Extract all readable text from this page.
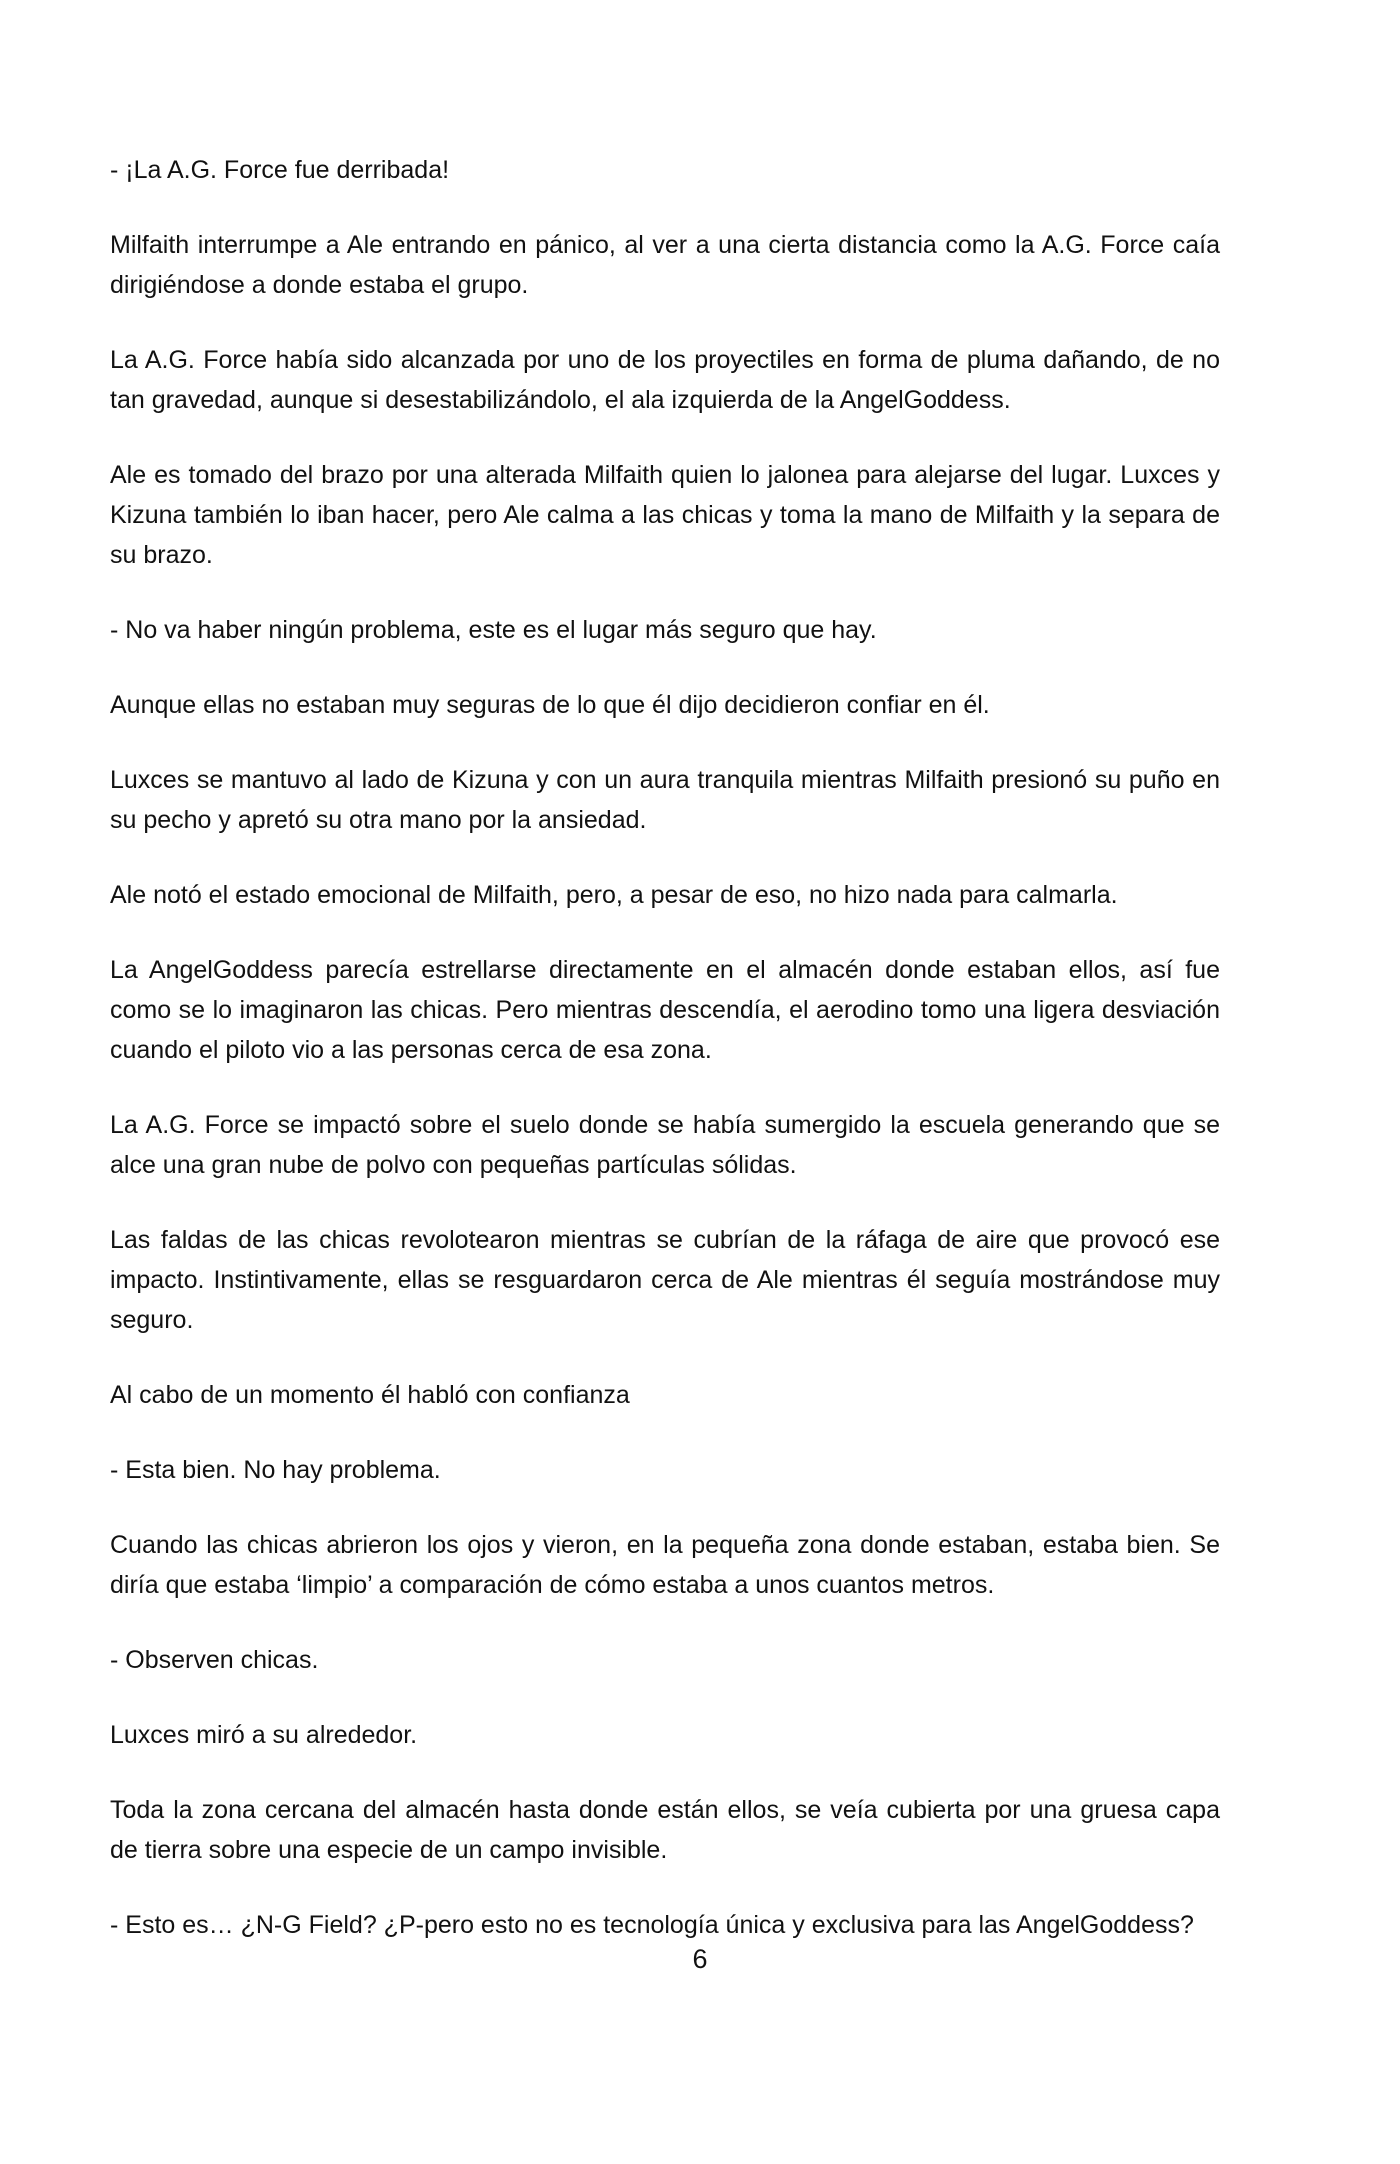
- ¡La A.G. Force fue derribada!

Milfaith interrumpe a Ale entrando en pánico, al ver a una cierta distancia como la A.G. Force caía dirigiéndose a donde estaba el grupo.

La A.G. Force había sido alcanzada por uno de los proyectiles en forma de pluma dañando, de no tan gravedad, aunque si desestabilizándolo, el ala izquierda de la AngelGoddess.

Ale es tomado del brazo por una alterada Milfaith quien lo jalonea para alejarse del lugar. Luxces y Kizuna también lo iban hacer, pero Ale calma a las chicas y toma la mano de Milfaith y la separa de su brazo.

- No va haber ningún problema, este es el lugar más seguro que hay.

Aunque ellas no estaban muy seguras de lo que él dijo decidieron confiar en él.

Luxces se mantuvo al lado de Kizuna y con un aura tranquila mientras Milfaith presionó su puño en su pecho y apretó su otra mano por la ansiedad.

Ale notó el estado emocional de Milfaith, pero, a pesar de eso, no hizo nada para calmarla.

La AngelGoddess parecía estrellarse directamente en el almacén donde estaban ellos, así fue como se lo imaginaron las chicas. Pero mientras descendía, el aerodino tomo una ligera desviación cuando el piloto vio a las personas cerca de esa zona.

La A.G. Force se impactó sobre el suelo donde se había sumergido la escuela generando que se alce una gran nube de polvo con pequeñas partículas sólidas.

Las faldas de las chicas revolotearon mientras se cubrían de la ráfaga de aire que provocó ese impacto. Instintivamente, ellas se resguardaron cerca de Ale mientras él seguía mostrándose muy seguro.

Al cabo de un momento él habló con confianza

- Esta bien. No hay problema.

Cuando las chicas abrieron los ojos y vieron, en la pequeña zona donde estaban, estaba bien. Se diría que estaba ‘limpio’ a comparación de cómo estaba a unos cuantos metros.

- Observen chicas.

Luxces miró a su alrededor.

Toda la zona cercana del almacén hasta donde están ellos, se veía cubierta por una gruesa capa de tierra sobre una especie de un campo invisible.

- Esto es… ¿N-G Field? ¿P-pero esto no es tecnología única y exclusiva para las AngelGoddess?

6
